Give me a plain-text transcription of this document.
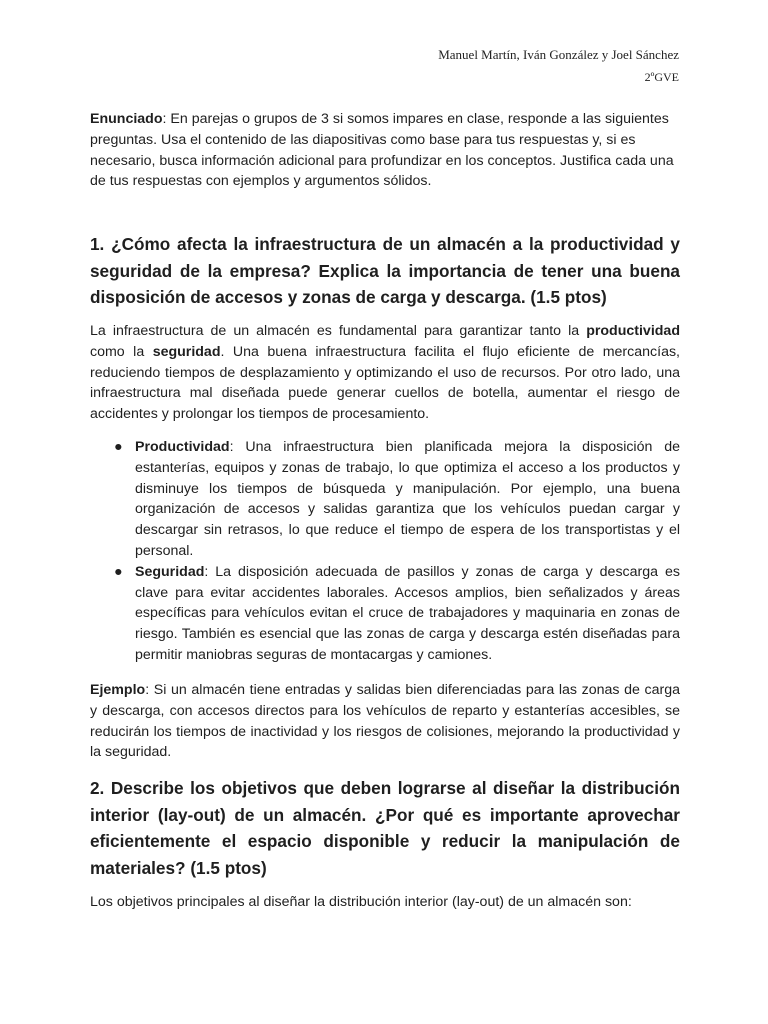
Manuel Martín, Iván González y Joel Sánchez
2ºGVE

Enunciado: En parejas o grupos de 3 si somos impares en clase, responde a las siguientes preguntas. Usa el contenido de las diapositivas como base para tus respuestas y, si es necesario, busca información adicional para profundizar en los conceptos. Justifica cada una de tus respuestas con ejemplos y argumentos sólidos.

1. ¿Cómo afecta la infraestructura de un almacén a la productividad y seguridad de la empresa? Explica la importancia de tener una buena disposición de accesos y zonas de carga y descarga. (1.5 ptos)

La infraestructura de un almacén es fundamental para garantizar tanto la productividad como la seguridad. Una buena infraestructura facilita el flujo eficiente de mercancías, reduciendo tiempos de desplazamiento y optimizando el uso de recursos. Por otro lado, una infraestructura mal diseñada puede generar cuellos de botella, aumentar el riesgo de accidentes y prolongar los tiempos de procesamiento.

● Productividad: Una infraestructura bien planificada mejora la disposición de estanterías, equipos y zonas de trabajo, lo que optimiza el acceso a los productos y disminuye los tiempos de búsqueda y manipulación. Por ejemplo, una buena organización de accesos y salidas garantiza que los vehículos puedan cargar y descargar sin retrasos, lo que reduce el tiempo de espera de los transportistas y el personal.
● Seguridad: La disposición adecuada de pasillos y zonas de carga y descarga es clave para evitar accidentes laborales. Accesos amplios, bien señalizados y áreas específicas para vehículos evitan el cruce de trabajadores y maquinaria en zonas de riesgo. También es esencial que las zonas de carga y descarga estén diseñadas para permitir maniobras seguras de montacargas y camiones.

Ejemplo: Si un almacén tiene entradas y salidas bien diferenciadas para las zonas de carga y descarga, con accesos directos para los vehículos de reparto y estanterías accesibles, se reducirán los tiempos de inactividad y los riesgos de colisiones, mejorando la productividad y la seguridad.

2. Describe los objetivos que deben lograrse al diseñar la distribución interior (lay-out) de un almacén. ¿Por qué es importante aprovechar eficientemente el espacio disponible y reducir la manipulación de materiales? (1.5 ptos)

Los objetivos principales al diseñar la distribución interior (lay-out) de un almacén son:
